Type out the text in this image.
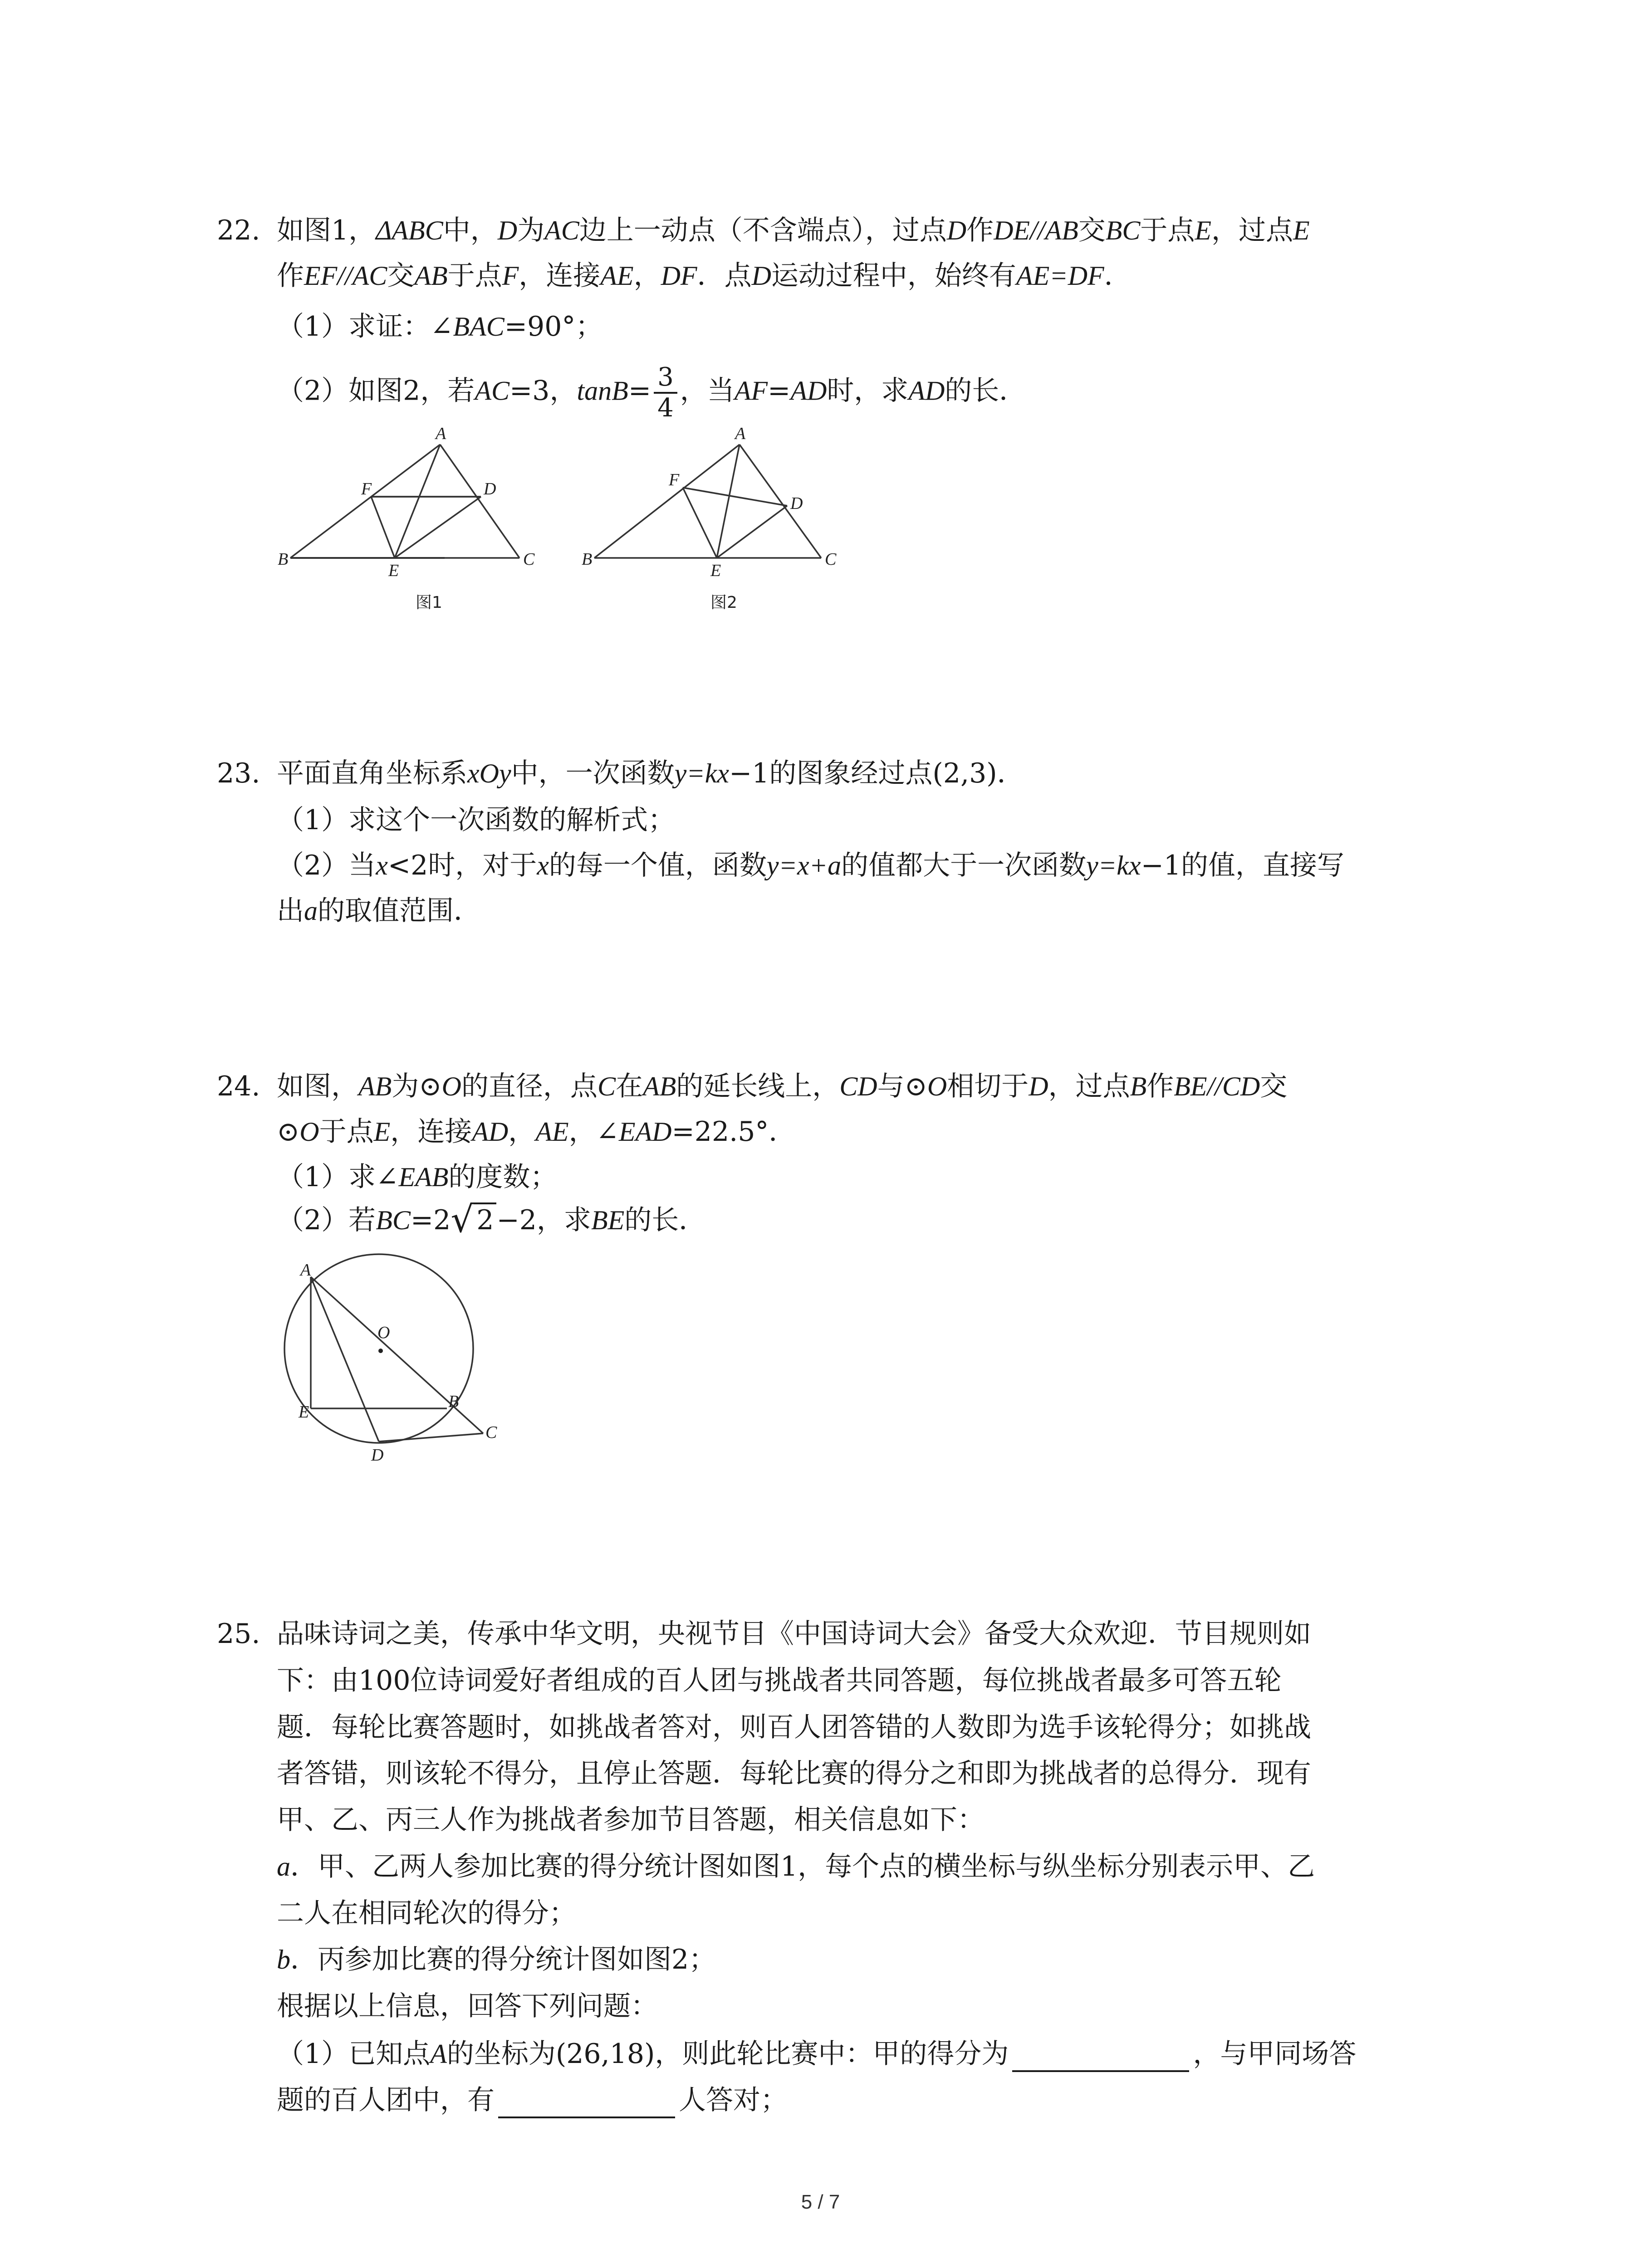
22. 如图1，ΔABC中，D为AC边上一动点（不含端点），过点D作DE//AB交BC于点E，过点E
作EF//AC交AB于点F，连接AE，DF．点D运动过程中，始终有AE=DF．
（1）求证：∠BAC=90°；
（2）如图2，若AC=3，$\tan B= \frac{3}{4}$ ，当AF=AD时，求AD的长．
A
B	C
D
E
F
图1
A
B	C
D
E
F
图2
23. 平面直角坐标系xOy中，一次函数y=kx−1的图象经过点(2,3)．
（1）求这个一次函数的解析式；
（2）当x<2时，对于x的每一个值，函数y=x+a的值都大于一次函数y=kx−1的值，直接写
出a的取值范围．
24. 如图，AB为⊙O的直径，点C在AB的延长线上，CD与⊙O相切于D，过点B作BE//CD交
⊙O于点E，连接AD，AE，∠EAD=22.5°．
（1）求∠EAB的度数；
（2）若BC=2√ 2 −2，求BE的长．
A
O
E
B
C
D
25. 品味诗词之美，传承中华文明，央视节目《中国诗词大会》备受大众欢迎．节目规则如
下：由100位诗词爱好者组成的百人团与挑战者共同答题，每位挑战者最多可答五轮
题．每轮比赛答题时，如挑战者答对，则百人团答错的人数即为选手该轮得分；如挑战
者答错，则该轮不得分，且停止答题．每轮比赛的得分之和即为挑战者的总得分．现有
甲、乙、丙三人作为挑战者参加节目答题，相关信息如下：
a．甲、乙两人参加比赛的得分统计图如图1，每个点的横坐标与纵坐标分别表示甲、乙
二人在相同轮次的得分；
b．丙参加比赛的得分统计图如图2；
根据以上信息，回答下列问题：
（1）已知点A的坐标为(26,18)，则此轮比赛中：甲的得分为	，与甲同场答
题的百人团中，有	人答对；
5 / 7
